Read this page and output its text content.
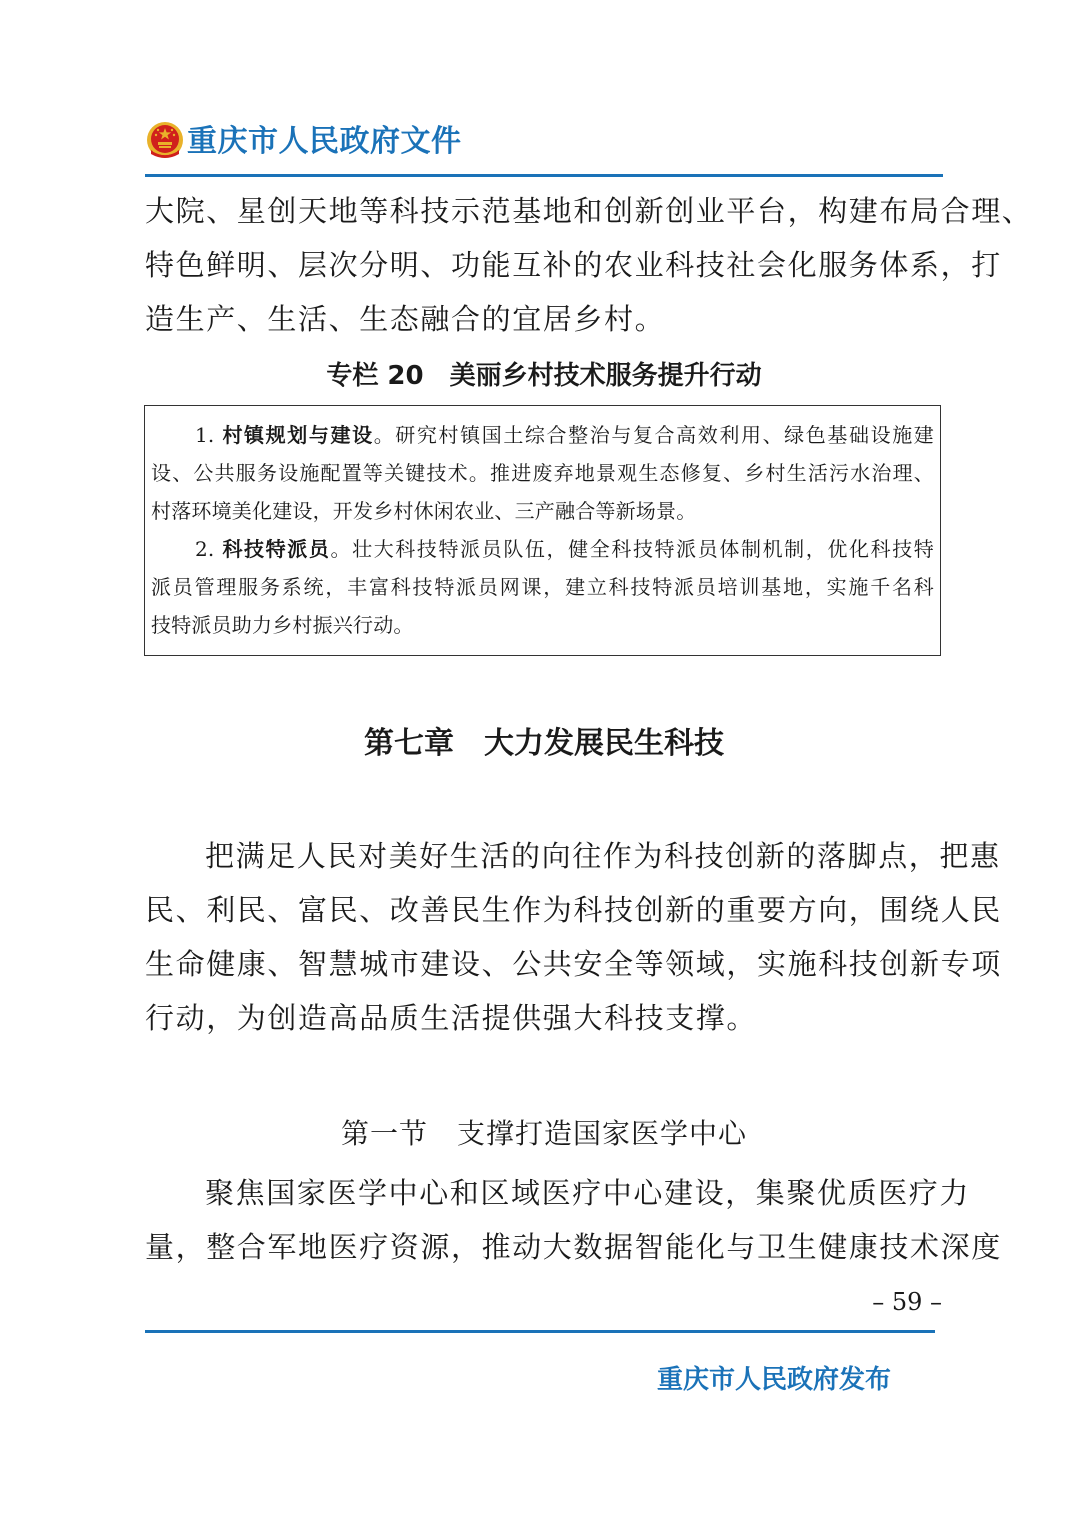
重庆市人民政府文件
大院、星创天地等科技示范基地和创新创业平台，构建布局合理、
特色鲜明、层次分明、功能互补的农业科技社会化服务体系，打
造生产、生活、生态融合的宜居乡村。
专栏 20　美丽乡村技术服务提升行动
1. 村镇规划与建设。研究村镇国土综合整治与复合高效利用、绿色基础设施建
设、公共服务设施配置等关键技术。推进废弃地景观生态修复、乡村生活污水治理、
村落环境美化建设，开发乡村休闲农业、三产融合等新场景。
2. 科技特派员。壮大科技特派员队伍，健全科技特派员体制机制，优化科技特
派员管理服务系统，丰富科技特派员网课，建立科技特派员培训基地，实施千名科
技特派员助力乡村振兴行动。
第七章　大力发展民生科技
把满足人民对美好生活的向往作为科技创新的落脚点，把惠
民、利民、富民、改善民生作为科技创新的重要方向，围绕人民
生命健康、智慧城市建设、公共安全等领域，实施科技创新专项
行动，为创造高品质生活提供强大科技支撑。
第一节　支撑打造国家医学中心
聚焦国家医学中心和区域医疗中心建设，集聚优质医疗力
量，整合军地医疗资源，推动大数据智能化与卫生健康技术深度
– 59 –
重庆市人民政府发布
